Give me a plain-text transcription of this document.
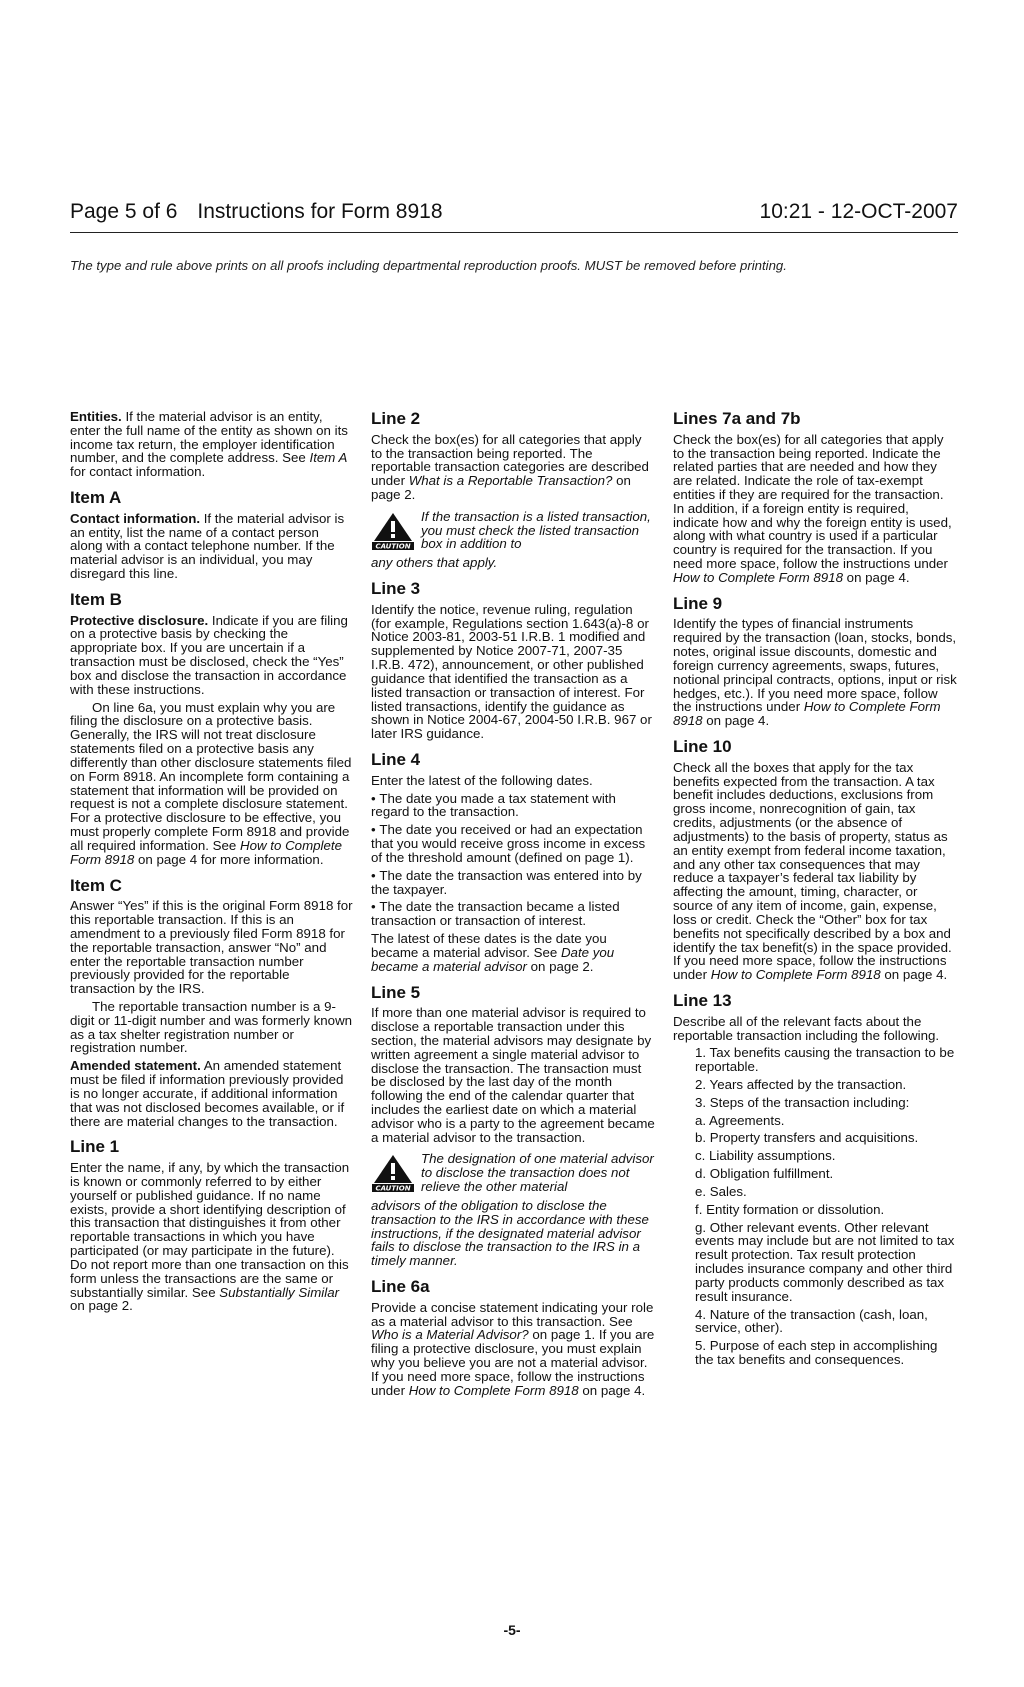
Page 5 of 6 Instructions for Form 8918	10:21 - 12-OCT-2007
The type and rule above prints on all proofs including departmental reproduction proofs. MUST be removed before printing.

Entities. If the material advisor is an entity, enter the full name of the entity as shown on its income tax return, the employer identification number, and the complete address. See Item A for contact information.

Item A

Contact information. If the material advisor is an entity, list the name of a contact person along with a contact telephone number. If the material advisor is an individual, you may disregard this line.

Item B

Protective disclosure. Indicate if you are filing on a protective basis by checking the appropriate box. If you are uncertain if a transaction must be disclosed, check the “Yes” box and disclose the transaction in accordance with these instructions.

On line 6a, you must explain why you are filing the disclosure on a protective basis. Generally, the IRS will not treat disclosure statements filed on a protective basis any differently than other disclosure statements filed on Form 8918. An incomplete form containing a statement that information will be provided on request is not a complete disclosure statement. For a protective disclosure to be effective, you must properly complete Form 8918 and provide all required information. See How to Complete Form 8918 on page 4 for more information.

Item C

Answer “Yes” if this is the original Form 8918 for this reportable transaction. If this is an amendment to a previously filed Form 8918 for the reportable transaction, answer “No” and enter the reportable transaction number previously provided for the reportable transaction by the IRS.

The reportable transaction number is a 9-digit or 11-digit number and was formerly known as a tax shelter registration number or registration number.

Amended statement. An amended statement must be filed if information previously provided is no longer accurate, if additional information that was not disclosed becomes available, or if there are material changes to the transaction.

Line 1

Enter the name, if any, by which the transaction is known or commonly referred to by either yourself or published guidance. If no name exists, provide a short identifying description of this transaction that distinguishes it from other reportable transactions in which you have participated (or may participate in the future). Do not report more than one transaction on this form unless the transactions are the same or substantially similar. See Substantially Similar on page 2.

Line 2

Check the box(es) for all categories that apply to the transaction being reported. The reportable transaction categories are described under What is a Reportable Transaction? on page 2.

CAUTION
If the transaction is a listed transaction, you must check the listed transaction box in addition to

any others that apply.

Line 3

Identify the notice, revenue ruling, regulation (for example, Regulations section 1.643(a)-8 or Notice 2003-81, 2003-51 I.R.B. 1 modified and supplemented by Notice 2007-71, 2007-35 I.R.B. 472), announcement, or other published guidance that identified the transaction as a listed transaction or transaction of interest. For listed transactions, identify the guidance as shown in Notice 2004-67, 2004-50 I.R.B. 967 or later IRS guidance.

Line 4

Enter the latest of the following dates.

• The date you made a tax statement with regard to the transaction.

• The date you received or had an expectation that you would receive gross income in excess of the threshold amount (defined on page 1).

• The date the transaction was entered into by the taxpayer.

• The date the transaction became a listed transaction or transaction of interest.

The latest of these dates is the date you became a material advisor. See Date you became a material advisor on page 2.

Line 5

If more than one material advisor is required to disclose a reportable transaction under this section, the material advisors may designate by written agreement a single material advisor to disclose the transaction. The transaction must be disclosed by the last day of the month following the end of the calendar quarter that includes the earliest date on which a material advisor who is a party to the agreement became a material advisor to the transaction.

CAUTION
The designation of one material advisor to disclose the transaction does not relieve the other material

advisors of the obligation to disclose the transaction to the IRS in accordance with these instructions, if the designated material advisor fails to disclose the transaction to the IRS in a timely manner.

Line 6a

Provide a concise statement indicating your role as a material advisor to this transaction. See Who is a Material Advisor? on page 1. If you are filing a protective disclosure, you must explain why you believe you are not a material advisor. If you need more space, follow the instructions under How to Complete Form 8918 on page 4.

Lines 7a and 7b

Check the box(es) for all categories that apply to the transaction being reported. Indicate the related parties that are needed and how they are related. Indicate the role of tax-exempt entities if they are required for the transaction. In addition, if a foreign entity is required, indicate how and why the foreign entity is used, along with what country is used if a particular country is required for the transaction. If you need more space, follow the instructions under How to Complete Form 8918 on page 4.

Line 9

Identify the types of financial instruments required by the transaction (loan, stocks, bonds, notes, original issue discounts, domestic and foreign currency agreements, swaps, futures, notional principal contracts, options, input or risk hedges, etc.). If you need more space, follow the instructions under How to Complete Form 8918 on page 4.

Line 10

Check all the boxes that apply for the tax benefits expected from the transaction. A tax benefit includes deductions, exclusions from gross income, nonrecognition of gain, tax credits, adjustments (or the absence of adjustments) to the basis of property, status as an entity exempt from federal income taxation, and any other tax consequences that may reduce a taxpayer’s federal tax liability by affecting the amount, timing, character, or source of any item of income, gain, expense, loss or credit. Check the “Other” box for tax benefits not specifically described by a box and identify the tax benefit(s) in the space provided. If you need more space, follow the instructions under How to Complete Form 8918 on page 4.

Line 13

Describe all of the relevant facts about the reportable transaction including the following.

1. Tax benefits causing the transaction to be reportable.

2. Years affected by the transaction.

3. Steps of the transaction including:

a. Agreements.

b. Property transfers and acquisitions.

c. Liability assumptions.

d. Obligation fulfillment.

e. Sales.

f. Entity formation or dissolution.

g. Other relevant events. Other relevant events may include but are not limited to tax result protection. Tax result protection includes insurance company and other third party products commonly described as tax result insurance.

4. Nature of the transaction (cash, loan, service, other).

5. Purpose of each step in accomplishing the tax benefits and consequences.

-5-
